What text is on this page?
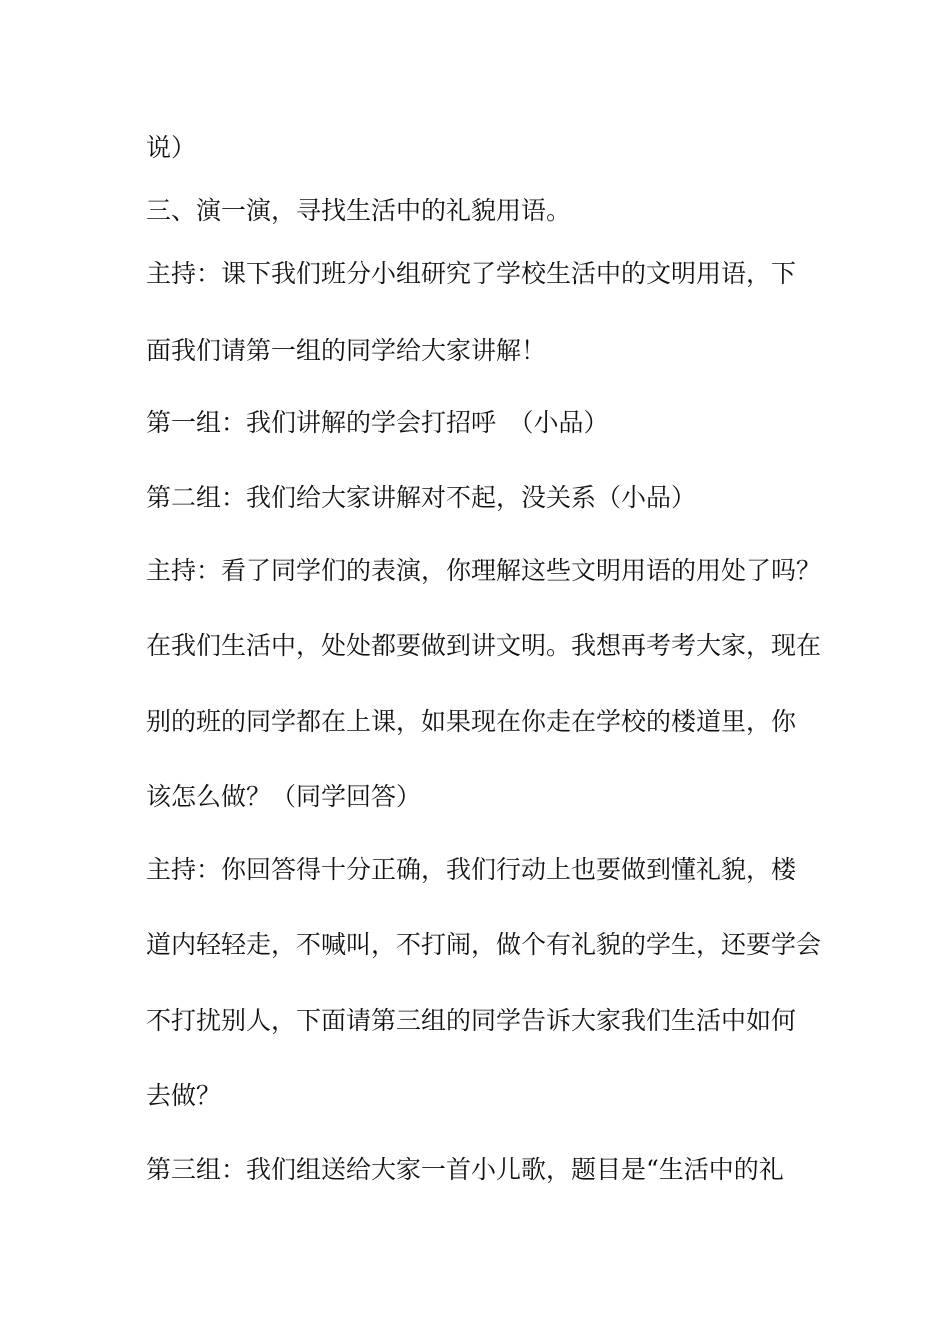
说）
三、演一演，寻找生活中的礼貌用语。
主持：课下我们班分小组研究了学校生活中的文明用语，下
面我们请第一组的同学给大家讲解！
第一组：我们讲解的学会打招呼　（小品）
第二组：我们给大家讲解对不起，没关系（小品）
主持：看了同学们的表演，你理解这些文明用语的用处了吗？
在我们生活中，处处都要做到讲文明。我想再考考大家，现在
别的班的同学都在上课，如果现在你走在学校的楼道里，你
该怎么做？（同学回答）
主持：你回答得十分正确，我们行动上也要做到懂礼貌，楼
道内轻轻走，不喊叫，不打闹，做个有礼貌的学生，还要学会
不打扰别人，下面请第三组的同学告诉大家我们生活中如何
去做？
第三组：我们组送给大家一首小儿歌，题目是“生活中的礼
